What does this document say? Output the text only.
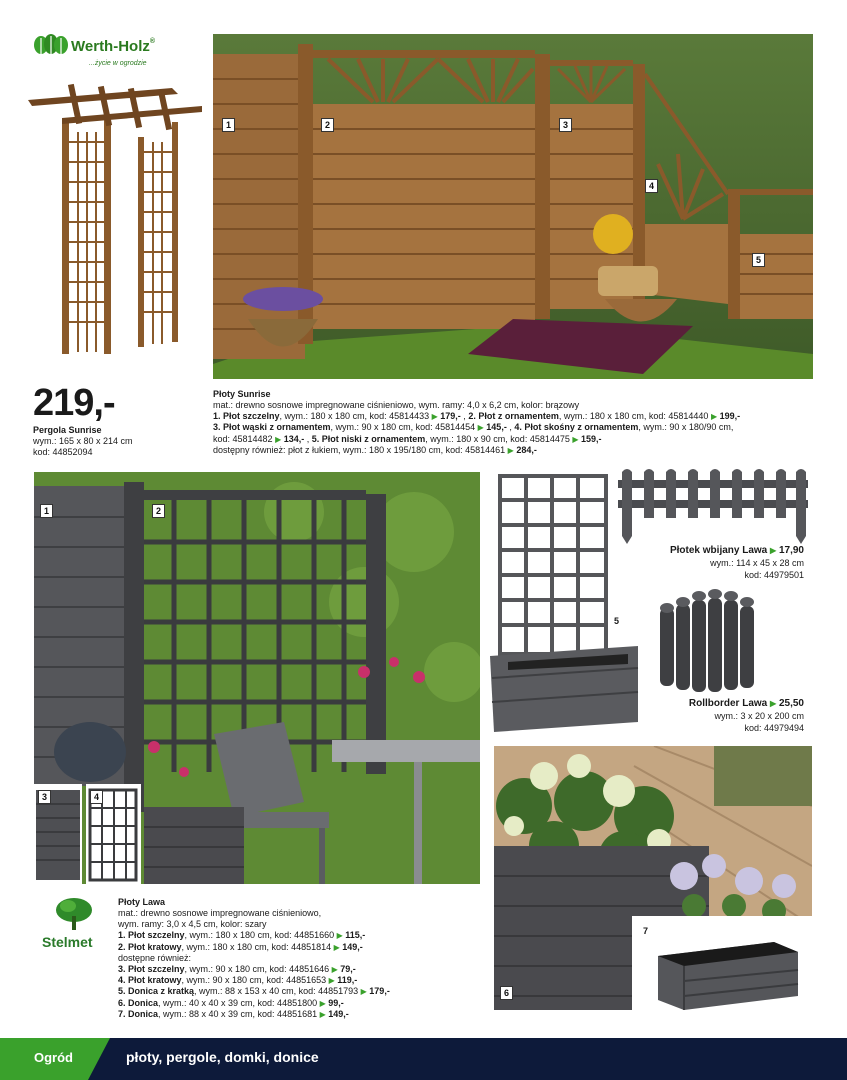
Werth-Holz®
...życie w ogrodzie
219,-
Pergola Sunrise
wym.: 165 x 80 x 214 cm
kod: 44852094
1	2	3
4
5
Płoty Sunrise
mat.: drewno sosnowe impregnowane ciśnieniowo, wym. ramy: 4,0 x 6,2 cm, kolor: brązowy
1. Płot szczelny, wym.: 180 x 180 cm, kod: 45814433 ▶ 179,- , 2. Płot z ornamentem, wym.: 180 x 180 cm, kod: 45814440 ▶ 199,-
3. Płot wąski z ornamentem, wym.: 90 x 180 cm, kod: 45814454 ▶ 145,- , 4. Płot skośny z ornamentem, wym.: 90 x 180/90 cm,
kod: 45814482 ▶ 134,- , 5. Płot niski z ornamentem, wym.: 180 x 90 cm, kod: 45814475 ▶ 159,-
dostępny również: płot z łukiem, wym.: 180 x 195/180 cm, kod: 45814461 ▶ 284,-
1	2
3	4
5
Płotek wbijany Lawa ▶ 17,90
wym.: 114 x 45 x 28 cm
kod: 44979501
Rollborder Lawa ▶ 25,50
wym.: 3 x 20 x 200 cm
kod: 44979494
6
7
Stelmet
Płoty Lawa
mat.: drewno sosnowe impregnowane ciśnieniowo,
wym. ramy: 3,0 x 4,5 cm, kolor: szary
1. Płot szczelny, wym.: 180 x 180 cm, kod: 44851660 ▶ 115,-
2. Płot kratowy, wym.: 180 x 180 cm, kod: 44851814 ▶ 149,-
dostępne również:
3. Płot szczelny, wym.: 90 x 180 cm, kod: 44851646 ▶ 79,-
4. Płot kratowy, wym.: 90 x 180 cm, kod: 44851653 ▶ 119,-
5. Donica z kratką, wym.: 88 x 153 x 40 cm, kod: 44851793 ▶ 179,-
6. Donica, wym.: 40 x 40 x 39 cm, kod: 44851800 ▶ 99,-
7. Donica, wym.: 88 x 40 x 39 cm, kod: 44851681 ▶ 149,-
Ogród	płoty, pergole, domki, donice
